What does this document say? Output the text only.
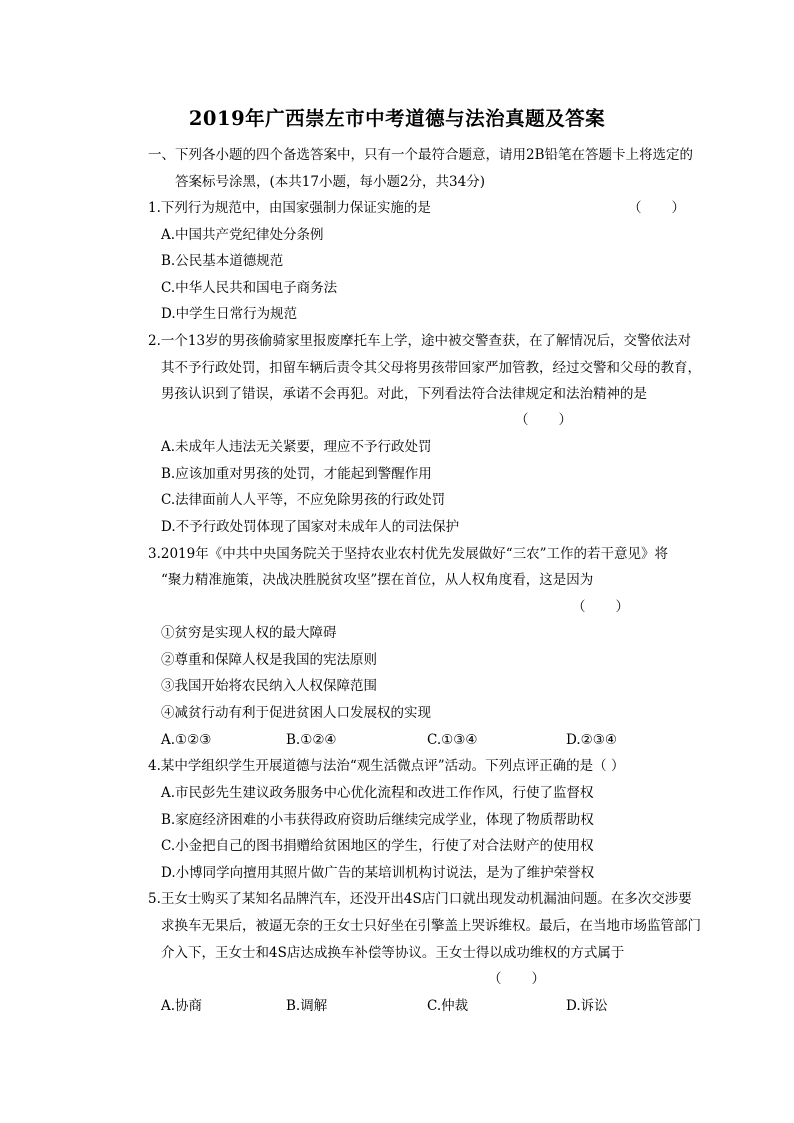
2019年广西崇左市中考道德与法治真题及答案
一、下列各小题的四个备选答案中，只有一个最符合题意，请用2B铅笔在答题卡上将选定的
答案标号涂黑，(本共17小题，每小题2分，共34分)
1.下列行为规范中，由国家强制力保证实施的是	（       ）
A.中国共产党纪律处分条例
B.公民基本道德规范
C.中华人民共和国电子商务法
D.中学生日常行为规范
2.一个13岁的男孩偷骑家里报废摩托车上学，途中被交警查获，在了解情况后，交警依法对
其不予行政处罚，扣留车辆后责令其父母将男孩带回家严加管教，经过交警和父母的教育，
男孩认识到了错误，承诺不会再犯。对此，下列看法符合法律规定和法治精神的是
（       ）
A.未成年人违法无关紧要，理应不予行政处罚
B.应该加重对男孩的处罚，才能起到警醒作用
C.法律面前人人平等，不应免除男孩的行政处罚
D.不予行政处罚体现了国家对未成年人的司法保护
3.2019年《中共中央国务院关于坚持农业农村优先发展做好“三农”工作的若干意见》将
“聚力精准施策，决战决胜脱贫攻坚”摆在首位，从人权角度看，这是因为
（       ）
①贫穷是实现人权的最大障碍
②尊重和保障人权是我国的宪法原则
③我国开始将农民纳入人权保障范围
④减贫行动有利于促进贫困人口发展权的实现
A.①②③	B.①②④	C.①③④	D.②③④
4.某中学组织学生开展道德与法治“观生活微点评”活动。下列点评正确的是（ ）
A.市民彭先生建议政务服务中心优化流程和改进工作作风，行使了监督权
B.家庭经济困难的小韦获得政府资助后继续完成学业，体现了物质帮助权
C.小金把自己的图书捐赠给贫困地区的学生，行使了对合法财产的使用权
D.小博同学向擅用其照片做广告的某培训机构讨说法，是为了维护荣誉权
5.王女士购买了某知名品牌汽车，还没开出4S店门口就出现发动机漏油问题。在多次交涉要
求换车无果后，被逼无奈的王女士只好坐在引擎盖上哭诉维权。最后，在当地市场监管部门
介入下，王女士和4S店达成换车补偿等协议。王女士得以成功维权的方式属于
（       ）
A.协商	B.调解	C.仲裁	D.诉讼
